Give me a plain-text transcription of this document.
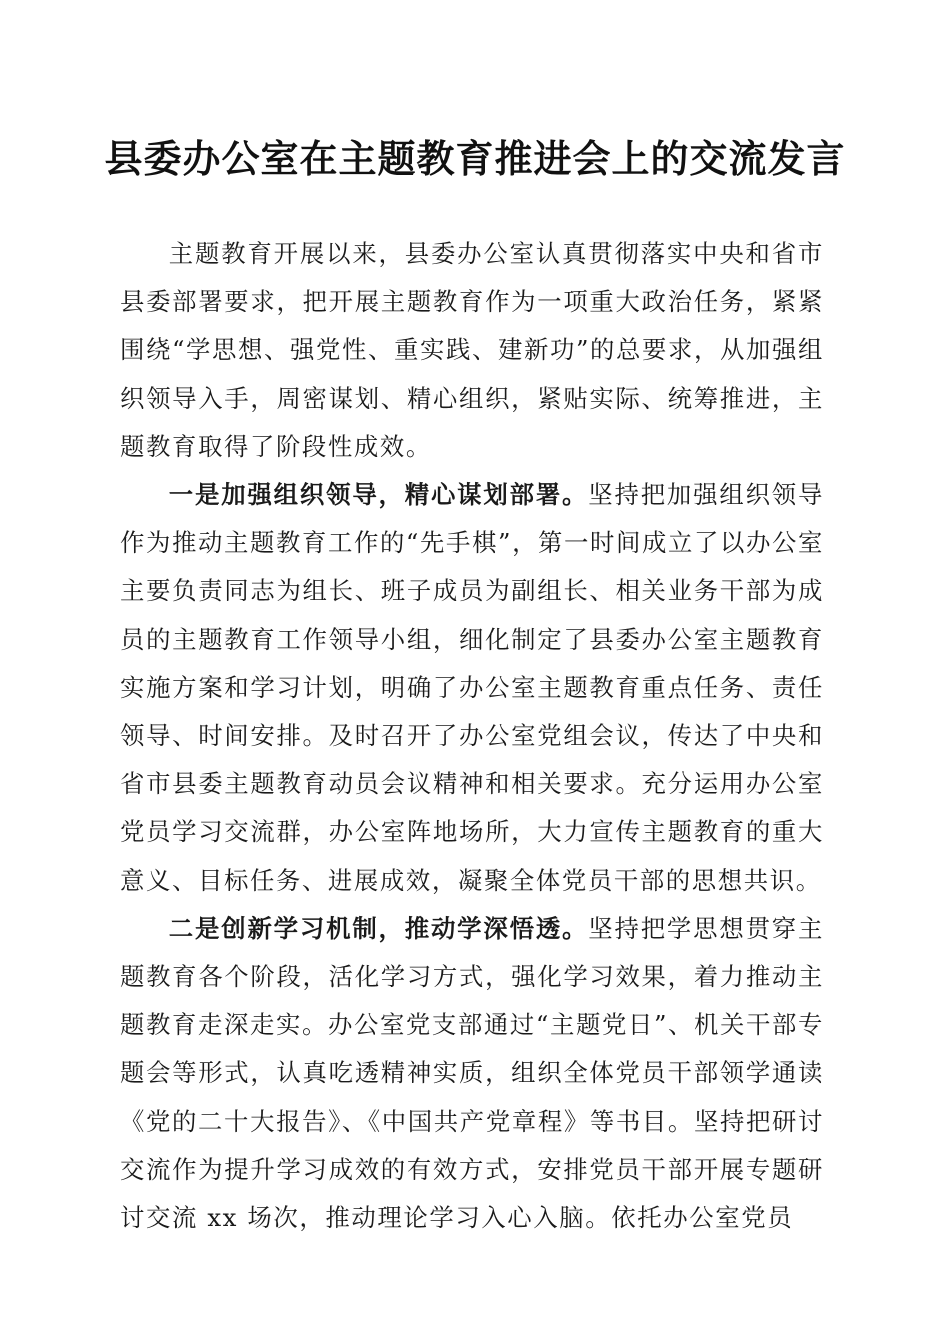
县委办公室在主题教育推进会上的交流发言

主题教育开展以来，县委办公室认真贯彻落实中央和省市县委部署要求，把开展主题教育作为一项重大政治任务，紧紧围绕“学思想、强党性、重实践、建新功”的总要求，从加强组织领导入手，周密谋划、精心组织，紧贴实际、统筹推进，主题教育取得了阶段性成效。

一是加强组织领导，精心谋划部署。坚持把加强组织领导作为推动主题教育工作的“先手棋”，第一时间成立了以办公室主要负责同志为组长、班子成员为副组长、相关业务干部为成员的主题教育工作领导小组，细化制定了县委办公室主题教育实施方案和学习计划，明确了办公室主题教育重点任务、责任领导、时间安排。及时召开了办公室党组会议，传达了中央和省市县委主题教育动员会议精神和相关要求。充分运用办公室党员学习交流群，办公室阵地场所，大力宣传主题教育的重大意义、目标任务、进展成效，凝聚全体党员干部的思想共识。

二是创新学习机制，推动学深悟透。坚持把学思想贯穿主题教育各个阶段，活化学习方式，强化学习效果，着力推动主题教育走深走实。办公室党支部通过“主题党日”、机关干部专题会等形式，认真吃透精神实质，组织全体党员干部领学通读《党的二十大报告》、《中国共产党章程》等书目。坚持把研讨交流作为提升学习成效的有效方式，安排党员干部开展专题研讨交流 xx 场次，推动理论学习入心入脑。依托办公室党员
